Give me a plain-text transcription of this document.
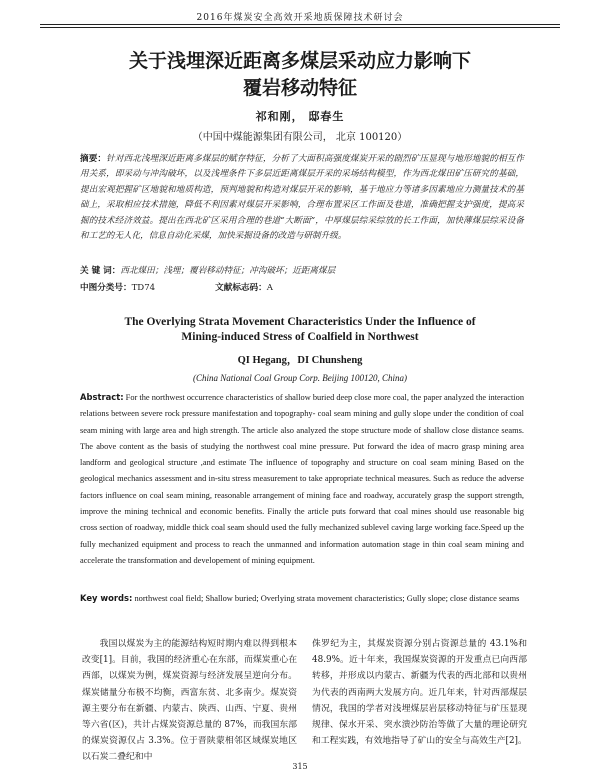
2016年煤炭安全高效开采地质保障技术研讨会
关于浅埋深近距离多煤层采动应力影响下
覆岩移动特征
祁和刚， 邸春生
（中国中煤能源集团有限公司， 北京 100120）
摘要：针对西北浅埋深近距离多煤层的赋存特征，分析了大面积高强度煤炭开采的剧烈矿压显现与地形地貌的相互作用关系，即采动与冲沟破坏，以及浅埋条件下多层近距离煤层开采的采场结构模型，作为西北煤田矿压研究的基础，提出宏观把握矿区地貌和地质构造，预判地貌和构造对煤层开采的影响，基于地应力等诸多因素地应力测量技术的基础上，采取相应技术措施，降低不利因素对煤层开采影响，合理布置采区工作面及巷道，准确把握支护强度，提高采掘的技术经济效益。提出在西北矿区采用合理的巷道“大断面”，中厚煤层综采综放的长工作面，加快薄煤层综采设备和工艺的无人化，信息自动化采煤，加快采掘设备的改造与研制升级。
关 键 词：西北煤田；浅埋；覆岩移动特征；冲沟破坏；近距离煤层
中图分类号：TD74	文献标志码：A
The Overlying Strata Movement Characteristics Under the Influence of
Mining-induced Stress of Coalfield in Northwest
QI Hegang，DI Chunsheng
(China National Coal Group Corp. Beijing 100120, China)
Abstract: For the northwest occurrence characteristics of shallow buried deep close more coal, the paper analyzed the interaction relations between severe rock pressure manifestation and topography- coal seam mining and gully slope under the condition of coal seam mining with large area and high strength. The article also analyzed the stope structure mode of shallow close distance seams. The above content as the basis of studying the northwest coal mine pressure. Put forward the idea of macro grasp mining area landform and geological structure ,and estimate The influence of topography and structure on coal seam mining Based on the geological mechanics assessment and in-situ stress measurement to take appropriate technical measures. Such as reduce the adverse factors influence on coal seam mining, reasonable arrangement of mining face and roadway, accurately grasp the support strength, improve the mining technical and economic benefits. Finally the article puts forward that coal mines should use reasonable big cross section of roadway, middle thick coal seam should used the fully mechanized sublevel caving large working face.Speed up the fully mechanized equipment and process to reach the unmanned and information automation stage in thin coal seam mining and accelerate the transformation and developement of mining equipment.
Key words: northwest coal field; Shallow buried; Overlying strata movement characteristics; Gully slope; close distance seams
我国以煤炭为主的能源结构短时期内难以得到根本改变[1]。目前，我国的经济重心在东部，而煤炭重心在西部，以煤炭为例，煤炭资源与经济发展呈逆向分布。煤炭储量分布极不均衡，西富东贫、北多南少。煤炭资源主要分布在新疆、内蒙古、陕西、山西、宁夏、贵州等六省(区)，共计占煤炭资源总量的 87%，而我国东部的煤炭资源仅占 3.3%。位于晋陕蒙相邻区域煤炭地区以石炭二叠纪和中
侏罗纪为主，其煤炭资源分别占资源总量的 43.1%和 48.9%。近十年来，我国煤炭资源的开发重点已向西部转移，并形成以内蒙古、新疆为代表的西北部和以贵州为代表的西南两大发展方向。近几年来，针对西部煤层情况，我国的学者对浅埋煤层岩层移动特征与矿压显现规律、保水开采、突水溃沙防治等做了大量的理论研究和工程实践，有效地指导了矿山的安全与高效生产[2]。
315
